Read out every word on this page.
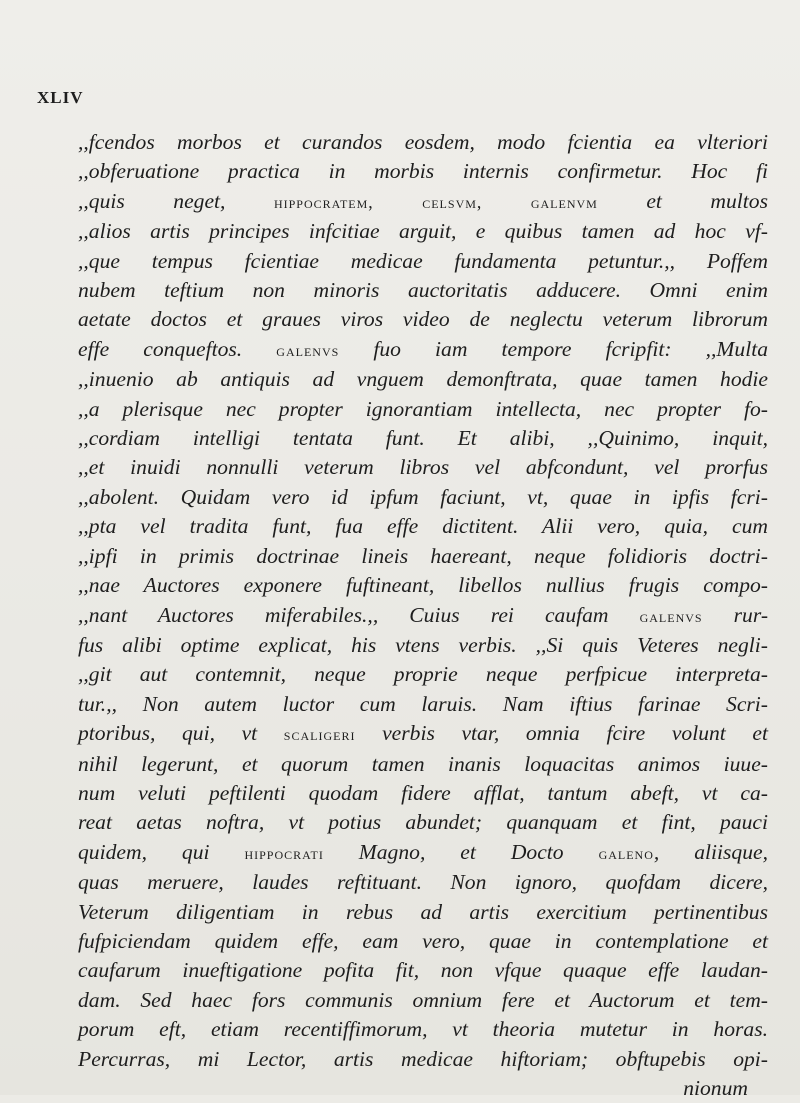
XLIV
,,fcendos morbos et curandos eosdem, modo fcientia ea vlteriori
,,obferuatione practica in morbis internis confirmetur. Hoc fi
,,quis neget, hippocratem, celsvm, galenvm et multos
,,alios artis principes infcitiae arguit, e quibus tamen ad hoc vf-
,,que tempus fcientiae medicae fundamenta petuntur.,, Poffem
nubem teftium non minoris auctoritatis adducere. Omni enim
aetate doctos et graues viros video de neglectu veterum librorum
effe conqueftos. galenvs fuo iam tempore fcripfit: ,,Multa
,,inuenio ab antiquis ad vnguem demonftrata, quae tamen hodie
,,a plerisque nec propter ignorantiam intellecta, nec propter fo-
,,cordiam intelligi tentata funt. Et alibi, ,,Quinimo, inquit,
,,et inuidi nonnulli veterum libros vel abfcondunt, vel prorfus
,,abolent. Quidam vero id ipfum faciunt, vt, quae in ipfis fcri-
,,pta vel tradita funt, fua effe dictitent. Alii vero, quia, cum
,,ipfi in primis doctrinae lineis haereant, neque folidioris doctri-
,,nae Auctores exponere fuftineant, libellos nullius frugis compo-
,,nant Auctores miferabiles.,, Cuius rei caufam galenvs rur-
fus alibi optime explicat, his vtens verbis. ,,Si quis Veteres negli-
,,git aut contemnit, neque proprie neque perfpicue interpreta-
tur.,, Non autem luctor cum laruis. Nam iftius farinae Scri-
ptoribus, qui, vt scaligeri verbis vtar, omnia fcire volunt et
nihil legerunt, et quorum tamen inanis loquacitas animos iuue-
num veluti peftilenti quodam fidere afflat, tantum abeft, vt ca-
reat aetas noftra, vt potius abundet; quanquam et fint, pauci
quidem, qui hippocrati Magno, et Docto galeno, aliisque,
quas meruere, laudes reftituant. Non ignoro, quofdam dicere,
Veterum diligentiam in rebus ad artis exercitium pertinentibus
fufpiciendam quidem effe, eam vero, quae in contemplatione et
caufarum inueftigatione pofita fit, non vfque quaque effe laudan-
dam. Sed haec fors communis omnium fere et Auctorum et tem-
porum eft, etiam recentiffimorum, vt theoria mutetur in horas.
Percurras, mi Lector, artis medicae hiftoriam; obftupebis opi-
nionum
